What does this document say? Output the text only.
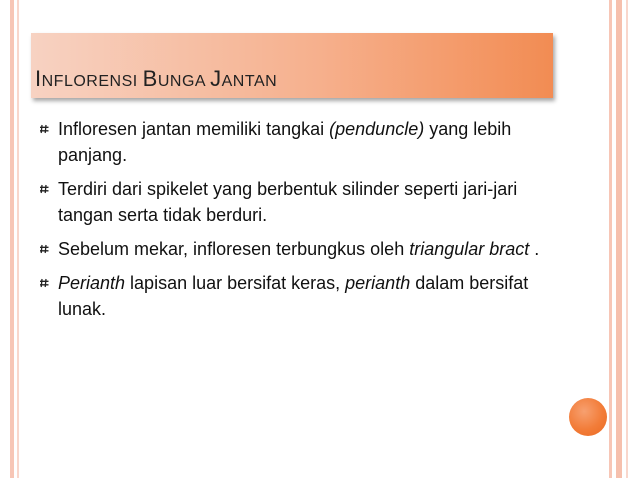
INFLORENSI BUNGA JANTAN
Infloresen jantan memiliki tangkai (penduncle) yang lebih panjang.
Terdiri dari spikelet yang berbentuk silinder seperti jari-jari tangan serta tidak berduri.
Sebelum mekar, infloresen terbungkus oleh triangular bract .
Perianth lapisan luar bersifat keras, perianth dalam bersifat lunak.
